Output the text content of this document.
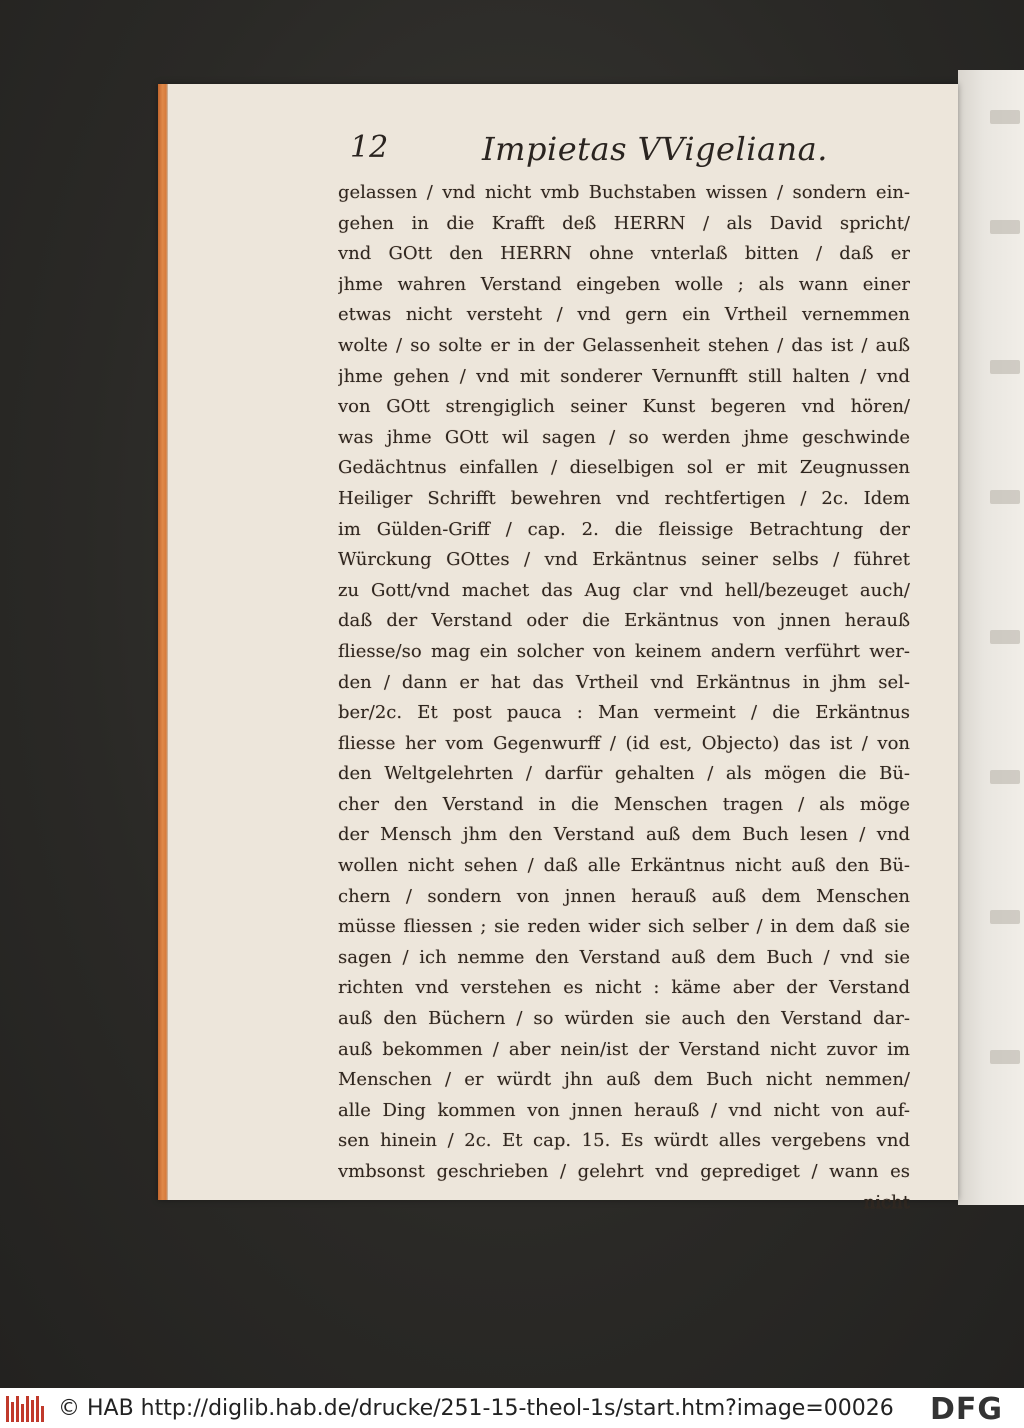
12	Impietas VVigeliana.
gelassen / vnd nicht vmb Buchstaben wissen / sondern ein-
gehen in die Krafft deß HERRN / als David spricht/
vnd GOtt den HERRN ohne vnterlaß bitten / daß er
jhme wahren Verstand eingeben wolle ; als wann einer
etwas nicht versteht / vnd gern ein Vrtheil vernemmen
wolte / so solte er in der Gelassenheit stehen / das ist / auß
jhme gehen / vnd mit sonderer Vernunfft still halten / vnd
von GOtt strengiglich seiner Kunst begeren vnd hören/
was jhme GOtt wil sagen / so werden jhme geschwinde
Gedächtnus einfallen / dieselbigen sol er mit Zeugnussen
Heiliger Schrifft bewehren vnd rechtfertigen / 2c. Idem
im Gülden-Griff / cap. 2. die fleissige Betrachtung der
Würckung GOttes / vnd Erkäntnus seiner selbs / führet
zu Gott/vnd machet das Aug clar vnd hell/bezeuget auch/
daß der Verstand oder die Erkäntnus von jnnen herauß
fliesse/so mag ein solcher von keinem andern verführt wer-
den / dann er hat das Vrtheil vnd Erkäntnus in jhm sel-
ber/2c. Et post pauca : Man vermeint / die Erkäntnus
fliesse her vom Gegenwurff / (id est, Objecto) das ist / von
den Weltgelehrten / darfür gehalten / als mögen die Bü-
cher den Verstand in die Menschen tragen / als möge
der Mensch jhm den Verstand auß dem Buch lesen / vnd
wollen nicht sehen / daß alle Erkäntnus nicht auß den Bü-
chern / sondern von jnnen herauß auß dem Menschen
müsse fliessen ; sie reden wider sich selber / in dem daß sie
sagen / ich nemme den Verstand auß dem Buch / vnd sie
richten vnd verstehen es nicht : käme aber der Verstand
auß den Büchern / so würden sie auch den Verstand dar-
auß bekommen / aber nein/ist der Verstand nicht zuvor im
Menschen / er würdt jhn auß dem Buch nicht nemmen/
alle Ding kommen von jnnen herauß / vnd nicht von auf-
sen hinein / 2c. Et cap. 15. Es würdt alles vergebens vnd
vmbsonst geschrieben / gelehrt vnd geprediget / wann es
nicht
© HAB http://diglib.hab.de/drucke/251-15-theol-1s/start.htm?image=00026 DFG
